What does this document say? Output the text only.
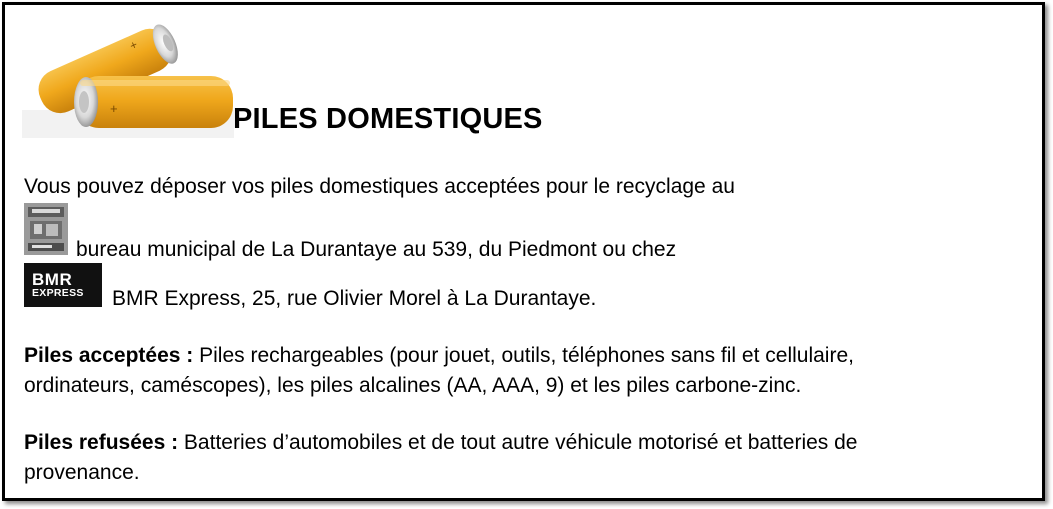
+
+	PILES DOMESTIQUES
Vous pouvez déposer vos piles domestiques acceptées pour le recyclage au
bureau municipal de La Durantaye au 539, du Piedmont ou chez
BMR
EXPRESS BMR Express, 25, rue Olivier Morel à La Durantaye.
Piles acceptées : Piles rechargeables (pour jouet, outils, téléphones sans fil et cellulaire,
ordinateurs, caméscopes), les piles alcalines (AA, AAA, 9) et les piles carbone-zinc.
Piles refusées : Batteries d’automobiles et de tout autre véhicule motorisé et batteries de
provenance.
